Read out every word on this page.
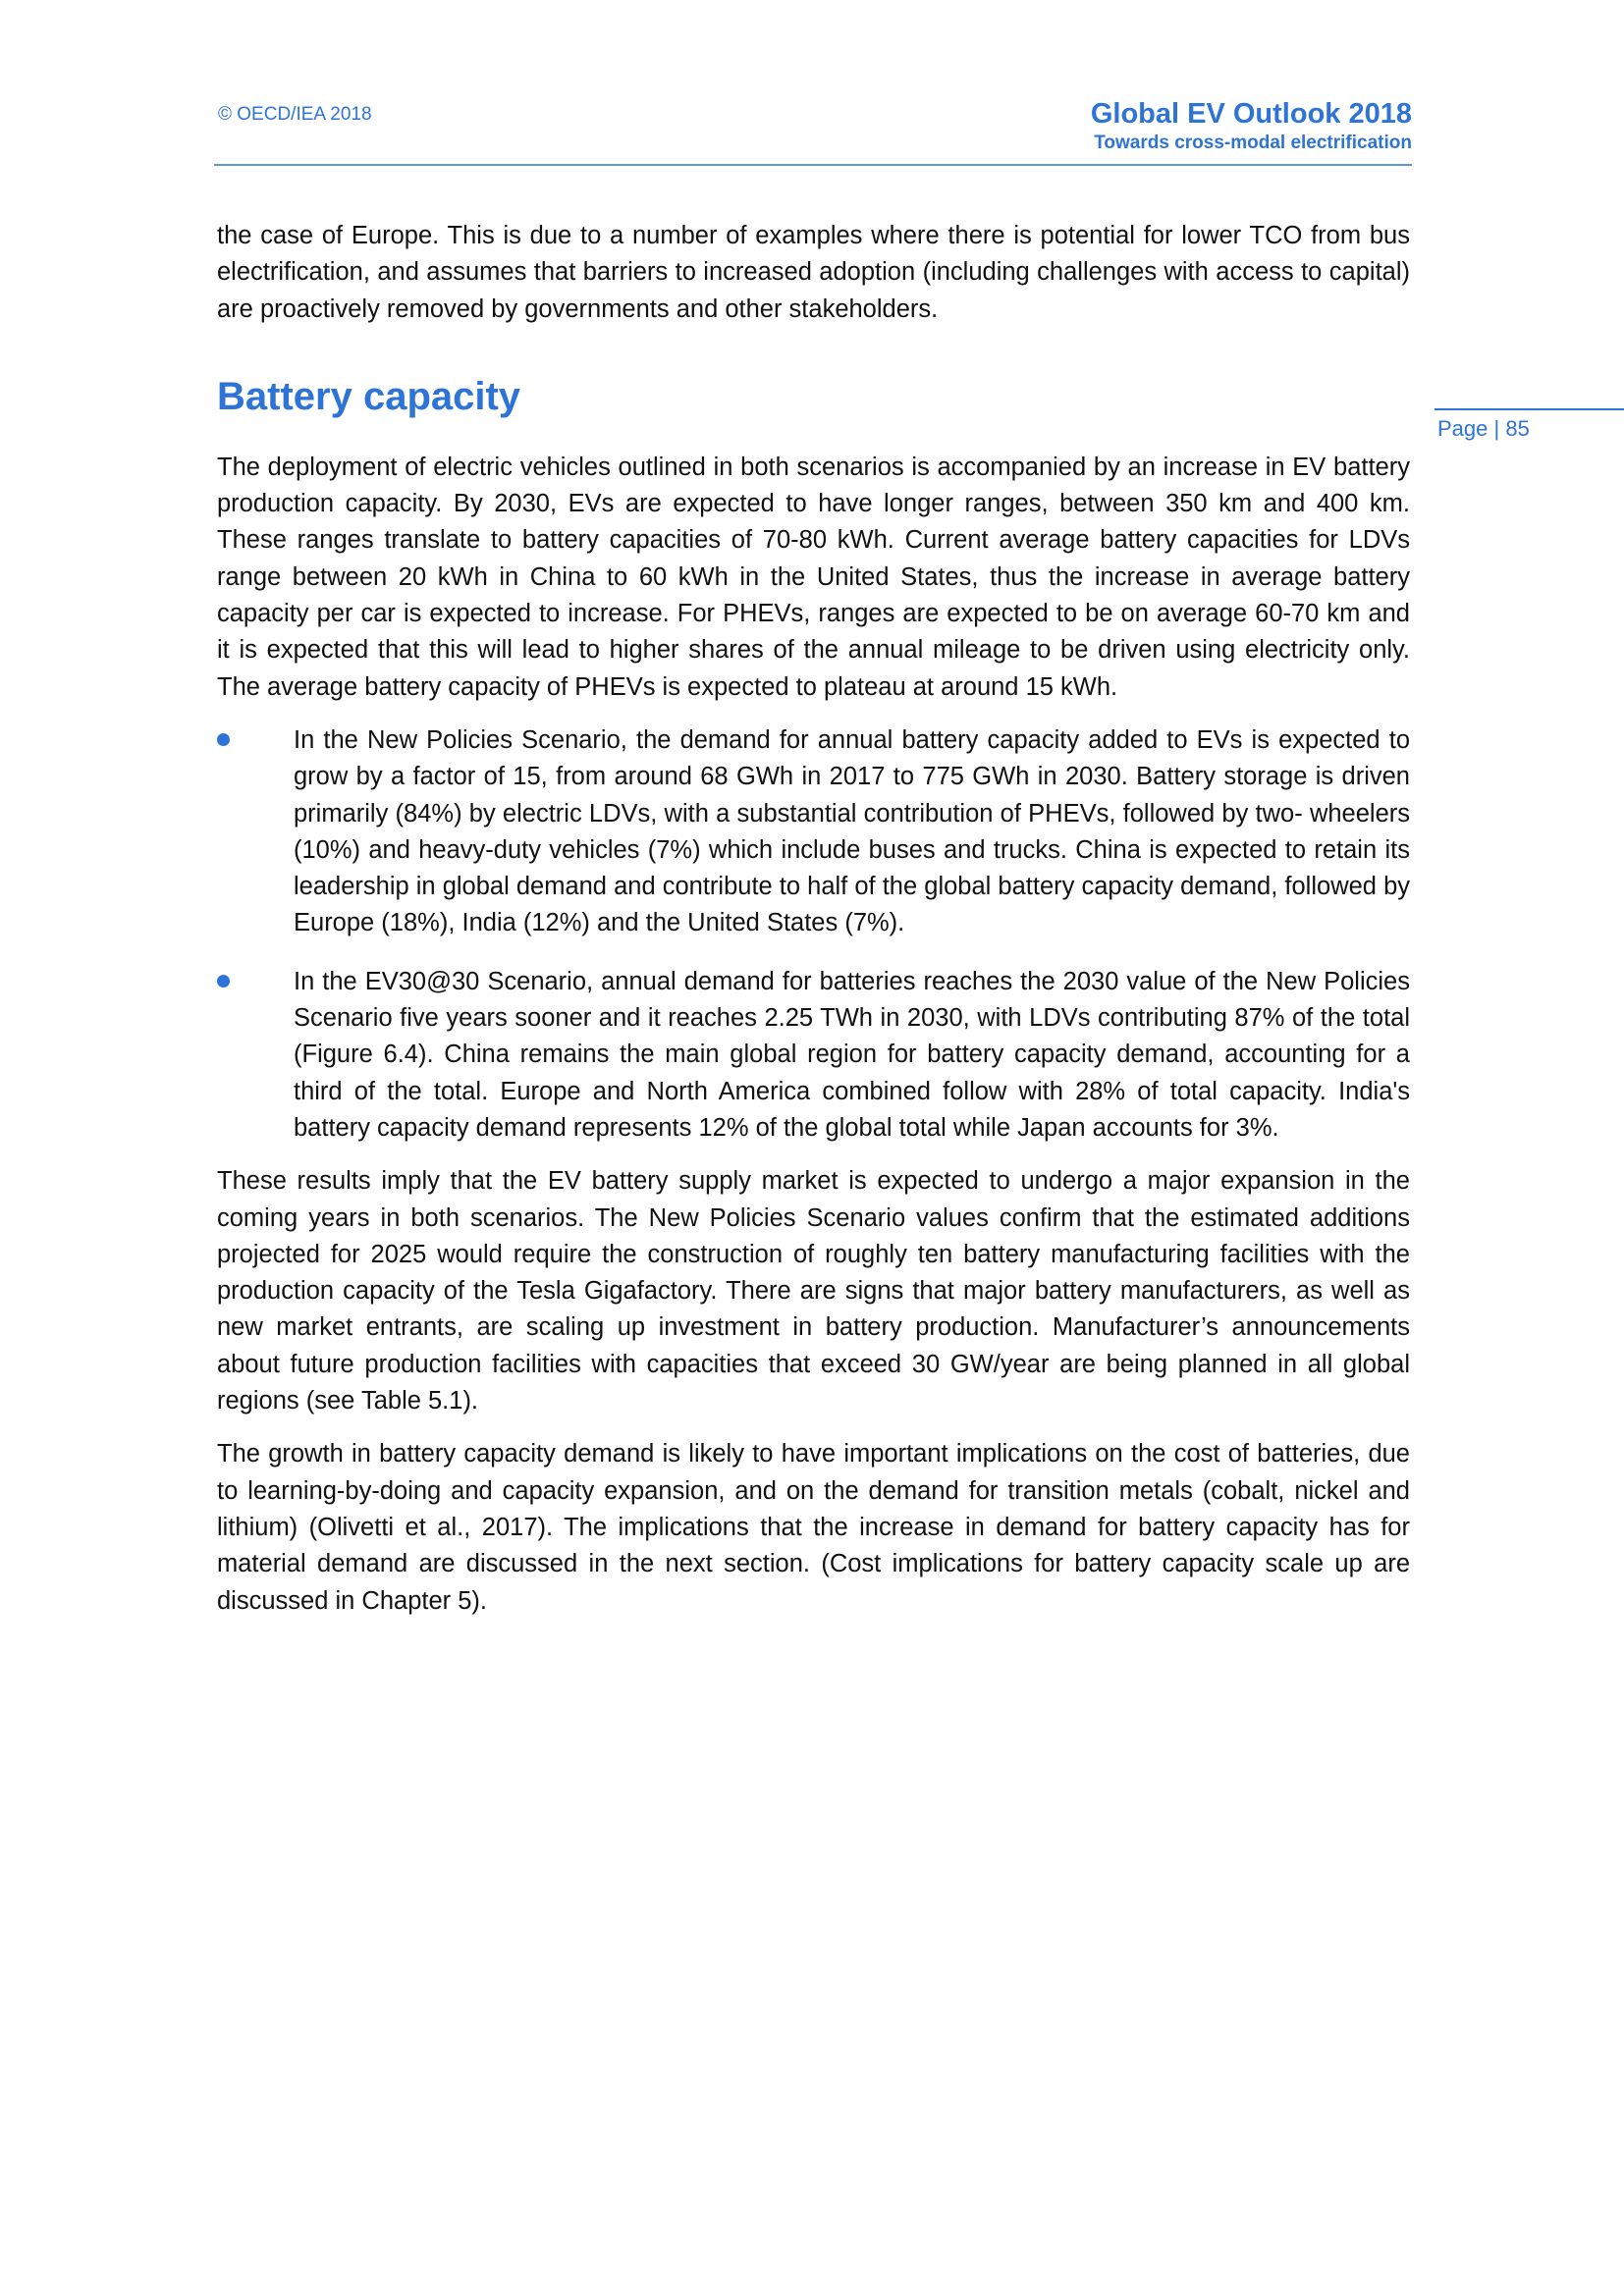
© OECD/IEA 2018	Global EV Outlook 2018
Towards cross-modal electrification
Page | 85

the case of Europe. This is due to a number of examples where there is potential for lower TCO from bus electrification, and assumes that barriers to increased adoption (including challenges with access to capital) are proactively removed by governments and other stakeholders.

Battery capacity

The deployment of electric vehicles outlined in both scenarios is accompanied by an increase in EV battery production capacity. By 2030, EVs are expected to have longer ranges, between 350 km and 400 km. These ranges translate to battery capacities of 70-80 kWh. Current average battery capacities for LDVs range between 20 kWh in China to 60 kWh in the United States, thus the increase in average battery capacity per car is expected to increase. For PHEVs, ranges are expected to be on average 60-70 km and it is expected that this will lead to higher shares of the annual mileage to be driven using electricity only. The average battery capacity of PHEVs is expected to plateau at around 15 kWh.

In the New Policies Scenario, the demand for annual battery capacity added to EVs is expected to grow by a factor of 15, from around 68 GWh in 2017 to 775 GWh in 2030. Battery storage is driven primarily (84%) by electric LDVs, with a substantial contribution of PHEVs, followed by two- wheelers (10%) and heavy-duty vehicles (7%) which include buses and trucks. China is expected to retain its leadership in global demand and contribute to half of the global battery capacity demand, followed by Europe (18%), India (12%) and the United States (7%).

In the EV30@30 Scenario, annual demand for batteries reaches the 2030 value of the New Policies Scenario five years sooner and it reaches 2.25 TWh in 2030, with LDVs contributing 87% of the total (Figure 6.4). China remains the main global region for battery capacity demand, accounting for a third of the total. Europe and North America combined follow with 28% of total capacity. India's battery capacity demand represents 12% of the global total while Japan accounts for 3%.

These results imply that the EV battery supply market is expected to undergo a major expansion in the coming years in both scenarios. The New Policies Scenario values confirm that the estimated additions projected for 2025 would require the construction of roughly ten battery manufacturing facilities with the production capacity of the Tesla Gigafactory. There are signs that major battery manufacturers, as well as new market entrants, are scaling up investment in battery production. Manufacturer’s announcements about future production facilities with capacities that exceed 30 GW/year are being planned in all global regions (see Table 5.1).

The growth in battery capacity demand is likely to have important implications on the cost of batteries, due to learning-by-doing and capacity expansion, and on the demand for transition metals (cobalt, nickel and lithium) (Olivetti et al., 2017). The implications that the increase in demand for battery capacity has for material demand are discussed in the next section. (Cost implications for battery capacity scale up are discussed in Chapter 5).
